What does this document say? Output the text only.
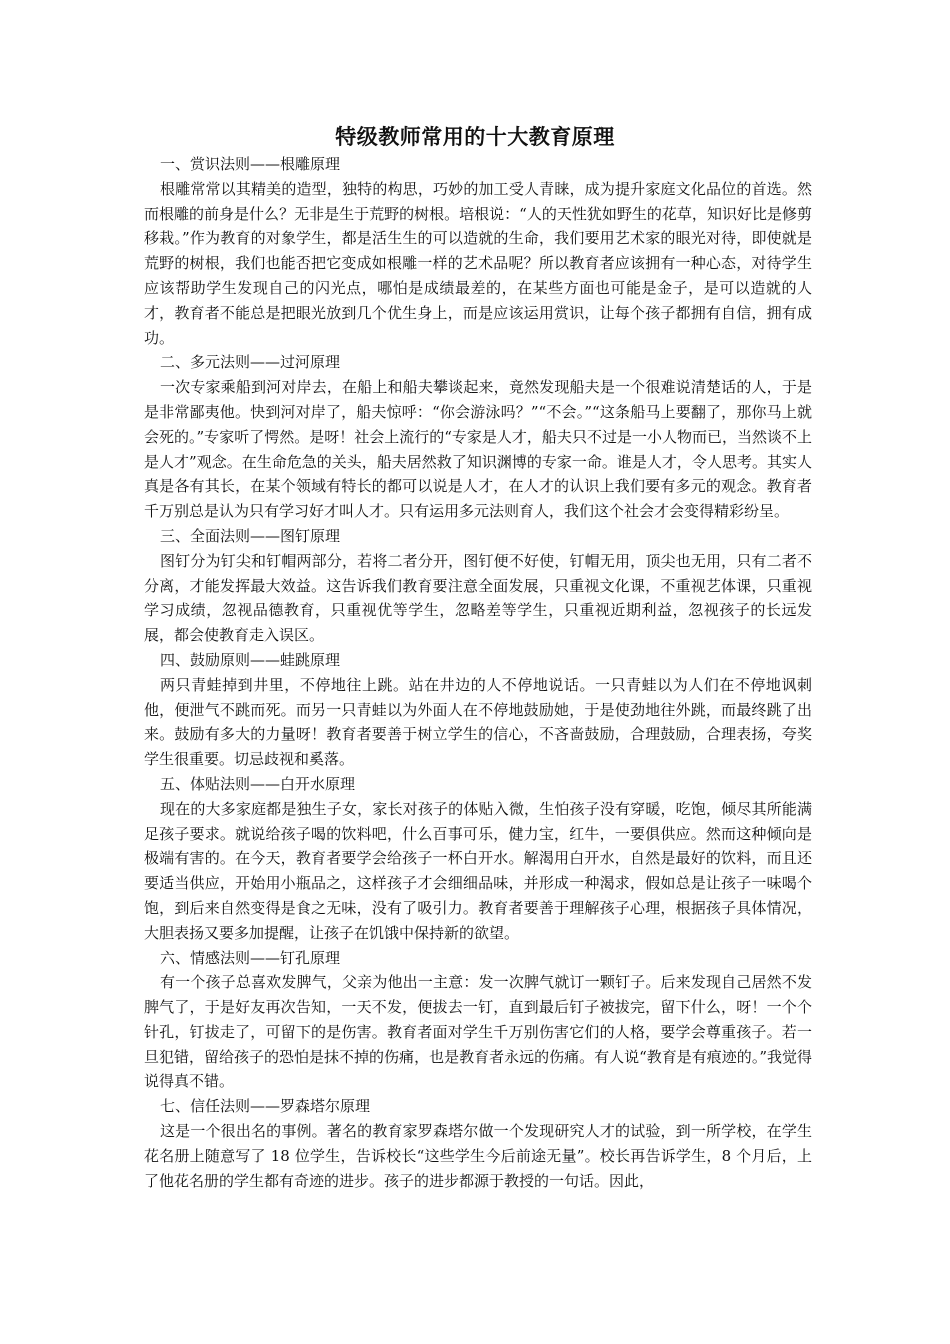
特级教师常用的十大教育原理

一、赏识法则——根雕原理

根雕常常以其精美的造型，独特的构思，巧妙的加工受人青睐，成为提升家庭文化品位的首选。然而根雕的前身是什么？无非是生于荒野的树根。培根说：“人的天性犹如野生的花草，知识好比是修剪移栽。”作为教育的对象学生，都是活生生的可以造就的生命，我们要用艺术家的眼光对待，即使就是荒野的树根，我们也能否把它变成如根雕一样的艺术品呢？所以教育者应该拥有一种心态，对待学生应该帮助学生发现自己的闪光点，哪怕是成绩最差的，在某些方面也可能是金子，是可以造就的人才，教育者不能总是把眼光放到几个优生身上，而是应该运用赏识，让每个孩子都拥有自信，拥有成功。

二、多元法则——过河原理

一次专家乘船到河对岸去，在船上和船夫攀谈起来，竟然发现船夫是一个很难说清楚话的人，于是是非常鄙夷他。快到河对岸了，船夫惊呼：“你会游泳吗？”“不会。”“这条船马上要翻了，那你马上就会死的。”专家听了愕然。是呀！社会上流行的“专家是人才，船夫只不过是一小人物而已，当然谈不上是人才”观念。在生命危急的关头，船夫居然救了知识渊博的专家一命。谁是人才，令人思考。其实人真是各有其长，在某个领域有特长的都可以说是人才，在人才的认识上我们要有多元的观念。教育者千万别总是认为只有学习好才叫人才。只有运用多元法则育人，我们这个社会才会变得精彩纷呈。

三、全面法则——图钉原理

图钉分为钉尖和钉帽两部分，若将二者分开，图钉便不好使，钉帽无用，顶尖也无用，只有二者不分离，才能发挥最大效益。这告诉我们教育要注意全面发展，只重视文化课，不重视艺体课，只重视学习成绩，忽视品德教育，只重视优等学生，忽略差等学生，只重视近期利益，忽视孩子的长远发展，都会使教育走入误区。

四、鼓励原则——蛙跳原理

两只青蛙掉到井里，不停地往上跳。站在井边的人不停地说话。一只青蛙以为人们在不停地讽刺他，便泄气不跳而死。而另一只青蛙以为外面人在不停地鼓励她，于是使劲地往外跳，而最终跳了出来。鼓励有多大的力量呀！教育者要善于树立学生的信心，不吝啬鼓励，合理鼓励，合理表扬，夸奖学生很重要。切忌歧视和奚落。

五、体贴法则——白开水原理

现在的大多家庭都是独生子女，家长对孩子的体贴入微，生怕孩子没有穿暖，吃饱，倾尽其所能满足孩子要求。就说给孩子喝的饮料吧，什么百事可乐，健力宝，红牛，一要俱供应。然而这种倾向是极端有害的。在今天，教育者要学会给孩子一杯白开水。解渴用白开水，自然是最好的饮料，而且还要适当供应，开始用小瓶品之，这样孩子才会细细品味，并形成一种渴求，假如总是让孩子一味喝个饱，到后来自然变得是食之无味，没有了吸引力。教育者要善于理解孩子心理，根据孩子具体情况，大胆表扬又要多加提醒，让孩子在饥饿中保持新的欲望。

六、情感法则——钉孔原理

有一个孩子总喜欢发脾气，父亲为他出一主意：发一次脾气就订一颗钉子。后来发现自己居然不发脾气了，于是好友再次告知，一天不发，便拔去一钉，直到最后钉子被拔完，留下什么，呀！一个个针孔，钉拔走了，可留下的是伤害。教育者面对学生千万别伤害它们的人格，要学会尊重孩子。若一旦犯错，留给孩子的恐怕是抹不掉的伤痛，也是教育者永远的伤痛。有人说“教育是有痕迹的。”我觉得说得真不错。

七、信任法则——罗森塔尔原理

这是一个很出名的事例。著名的教育家罗森塔尔做一个发现研究人才的试验，到一所学校，在学生花名册上随意写了 18 位学生，告诉校长“这些学生今后前途无量”。校长再告诉学生，8 个月后，上了他花名册的学生都有奇迹的进步。孩子的进步都源于教授的一句话。因此，
